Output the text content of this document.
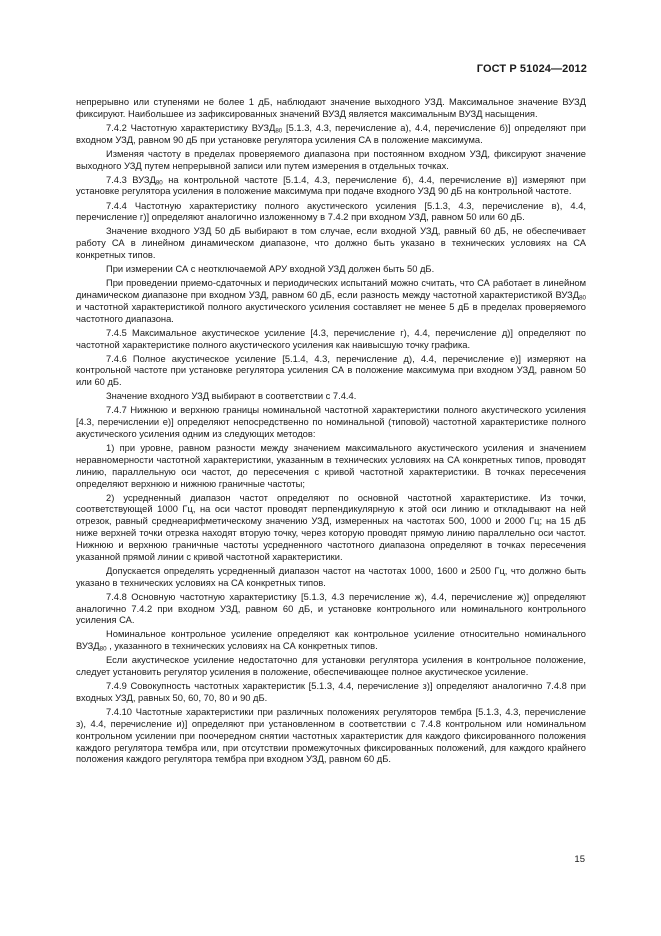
ГОСТ Р 51024—2012

непрерывно или ступенями не более 1 дБ, наблюдают значение выходного УЗД. Максимальное значение ВУЗД фиксируют. Наибольшее из зафиксированных значений ВУЗД является максимальным ВУЗД насыщения.

7.4.2 Частотную характеристику $ВУЗД_{80}$ [5.1.3, 4.3, перечисление а), 4.4, перечисление б)] определяют при входном УЗД, равном 90 дБ при установке регулятора усиления СА в положение максимума.

Изменяя частоту в пределах проверяемого диапазона при постоянном входном УЗД, фиксируют значение выходного УЗД путем непрерывной записи или путем измерения в отдельных точках.

7.4.3 $ВУЗД_{80}$ на контрольной частоте [5.1.4, 4.3, перечисление б), 4.4, перечисление в)] измеряют при установке регулятора усиления в положение максимума при подаче входного УЗД 90 дБ на контрольной частоте.

7.4.4 Частотную характеристику полного акустического усиления [5.1.3, 4.3, перечисление в), 4.4, перечисление г)] определяют аналогично изложенному в 7.4.2 при входном УЗД, равном 50 или 60 дБ.

Значение входного УЗД 50 дБ выбирают в том случае, если входной УЗД, равный 60 дБ, не обеспечивает работу СА в линейном динамическом диапазоне, что должно быть указано в технических условиях на СА конкретных типов.

При измерении СА с неотключаемой АРУ входной УЗД должен быть 50 дБ.

При проведении приемо-сдаточных и периодических испытаний можно считать, что СА работает в линейном динамическом диапазоне при входном УЗД, равном 60 дБ, если разность между частотной характеристикой $ВУЗД_{80}$ и частотной характеристикой полного акустического усиления составляет не менее 5 дБ в пределах проверяемого частотного диапазона.

7.4.5 Максимальное акустическое усиление [4.3, перечисление г), 4.4, перечисление д)] определяют по частотной характеристике полного акустического усиления как наивысшую точку графика.

7.4.6 Полное акустическое усиление [5.1.4, 4.3, перечисление д), 4.4, перечисление е)] измеряют на контрольной частоте при установке регулятора усиления СА в положение максимума при входном УЗД, равном 50 или 60 дБ.

Значение входного УЗД выбирают в соответствии с 7.4.4.

7.4.7 Нижнюю и верхнюю границы номинальной частотной характеристики полного акустического усиления [4.3, перечислении е)] определяют непосредственно по номинальной (типовой) частотной характеристике полного акустического усиления одним из следующих методов:

1) при уровне, равном разности между значением максимального акустического усиления и значением неравномерности частотной характеристики, указанным в технических условиях на СА конкретных типов, проводят линию, параллельную оси частот, до пересечения с кривой частотной характеристики. В точках пересечения определяют верхнюю и нижнюю граничные частоты;

2) усредненный диапазон частот определяют по основной частотной характеристике. Из точки, соответствующей 1000 Гц, на оси частот проводят перпендикулярную к этой оси линию и откладывают на ней отрезок, равный среднеарифметическому значению УЗД, измеренных на частотах 500, 1000 и 2000 Гц; на 15 дБ ниже верхней точки отрезка находят вторую точку, через которую проводят прямую линию параллельно оси частот. Нижнюю и верхнюю граничные частоты усредненного частотного диапазона определяют в точках пересечения указанной прямой линии с кривой частотной характеристики.

Допускается определять усредненный диапазон частот на частотах 1000, 1600 и 2500 Гц, что должно быть указано в технических условиях на СА конкретных типов.

7.4.8 Основную частотную характеристику [5.1.3, 4.3 перечисление ж), 4.4, перечисление ж)] определяют аналогично 7.4.2 при входном УЗД, равном 60 дБ, и установке контрольного или номинального контрольного усиления СА.

Номинальное контрольное усиление определяют как контрольное усиление относительно номинального $ВУЗД_{80}$ , указанного в технических условиях на СА конкретных типов.

Если акустическое усиление недостаточно для установки регулятора усиления в контрольное положение, следует установить регулятор усиления в положение, обеспечивающее полное акустическое усиление.

7.4.9 Совокупность частотных характеристик [5.1.3, 4.4, перечисление з)] определяют аналогично 7.4.8 при входных УЗД, равных 50, 60, 70, 80 и 90 дБ.

7.4.10 Частотные характеристики при различных положениях регуляторов тембра [5.1.3, 4.3, перечисление з), 4.4, перечисление и)] определяют при установленном в соответствии с 7.4.8 контрольном или номинальном контрольном усилении при поочередном снятии частотных характеристик для каждого фиксированного положения каждого регулятора тембра или, при отсутствии промежуточных фиксированных положений, для каждого крайнего положения каждого регулятора тембра при входном УЗД, равном 60 дБ.

15
